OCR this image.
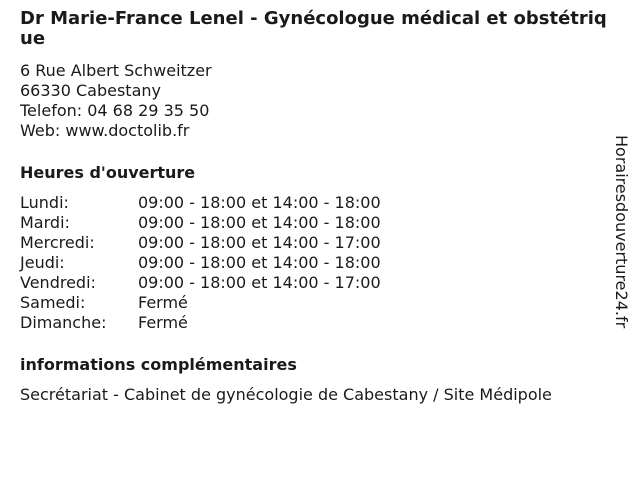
Dr Marie-France Lenel - Gynécologue médical et obstétrique
6 Rue Albert Schweitzer
66330 Cabestany
Telefon: 04 68 29 35 50
Web: www.doctolib.fr
Heures d'ouverture
Lundi:	09:00 - 18:00 et 14:00 - 18:00
Mardi:	09:00 - 18:00 et 14:00 - 18:00
Mercredi:	09:00 - 18:00 et 14:00 - 17:00
Jeudi:	09:00 - 18:00 et 14:00 - 18:00
Vendredi:	09:00 - 18:00 et 14:00 - 17:00
Samedi:	Fermé
Dimanche:	Fermé
informations complémentaires
Secrétariat - Cabinet de gynécologie de Cabestany / Site Médipole
Horairesdouverture24.fr
